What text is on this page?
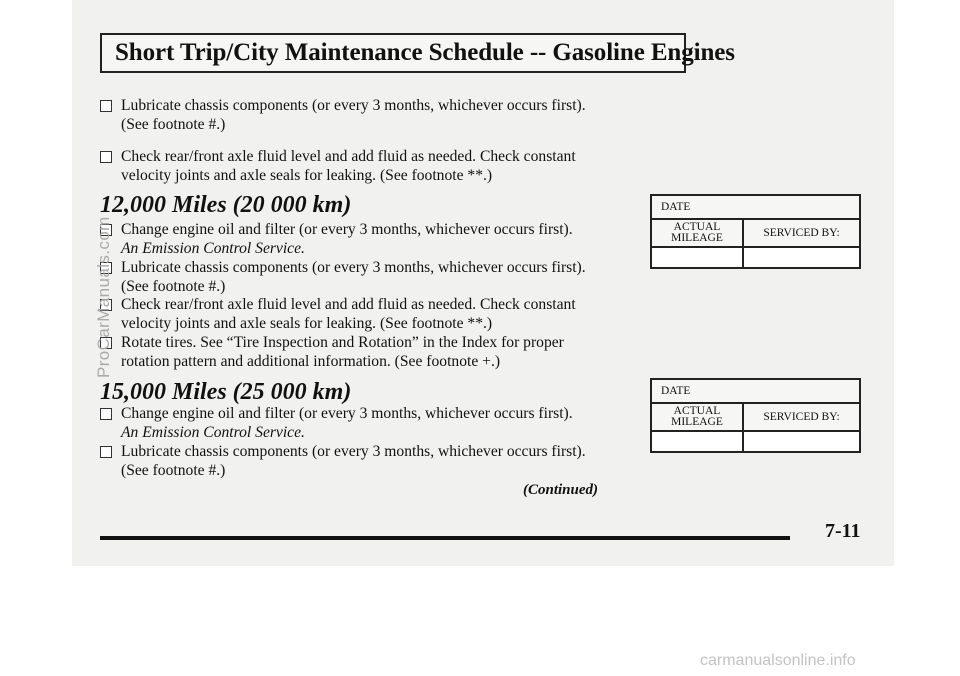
Short Trip/City Maintenance Schedule -- Gasoline Engines
Lubricate chassis components (or every 3 months, whichever occurs first).
(See footnote #.)
Check rear/front axle fluid level and add fluid as needed. Check constant
velocity joints and axle seals for leaking. (See footnote **.)
12,000 Miles (20 000 km)
Change engine oil and filter (or every 3 months, whichever occurs first).
An Emission Control Service.
Lubricate chassis components (or every 3 months, whichever occurs first).
(See footnote #.)
Check rear/front axle fluid level and add fluid as needed. Check constant
velocity joints and axle seals for leaking. (See footnote **.)
Rotate tires. See “Tire Inspection and Rotation” in the Index for proper
rotation pattern and additional information. (See footnote +.)
DATE	
ACTUAL MILEAGE	SERVICED BY:

15,000 Miles (25 000 km)
Change engine oil and filter (or every 3 months, whichever occurs first).
An Emission Control Service.
Lubricate chassis components (or every 3 months, whichever occurs first).
(See footnote #.)
DATE	
ACTUAL MILEAGE	SERVICED BY:

(Continued)
7-11
ProCarManuals.com
carmanualsonline.info
